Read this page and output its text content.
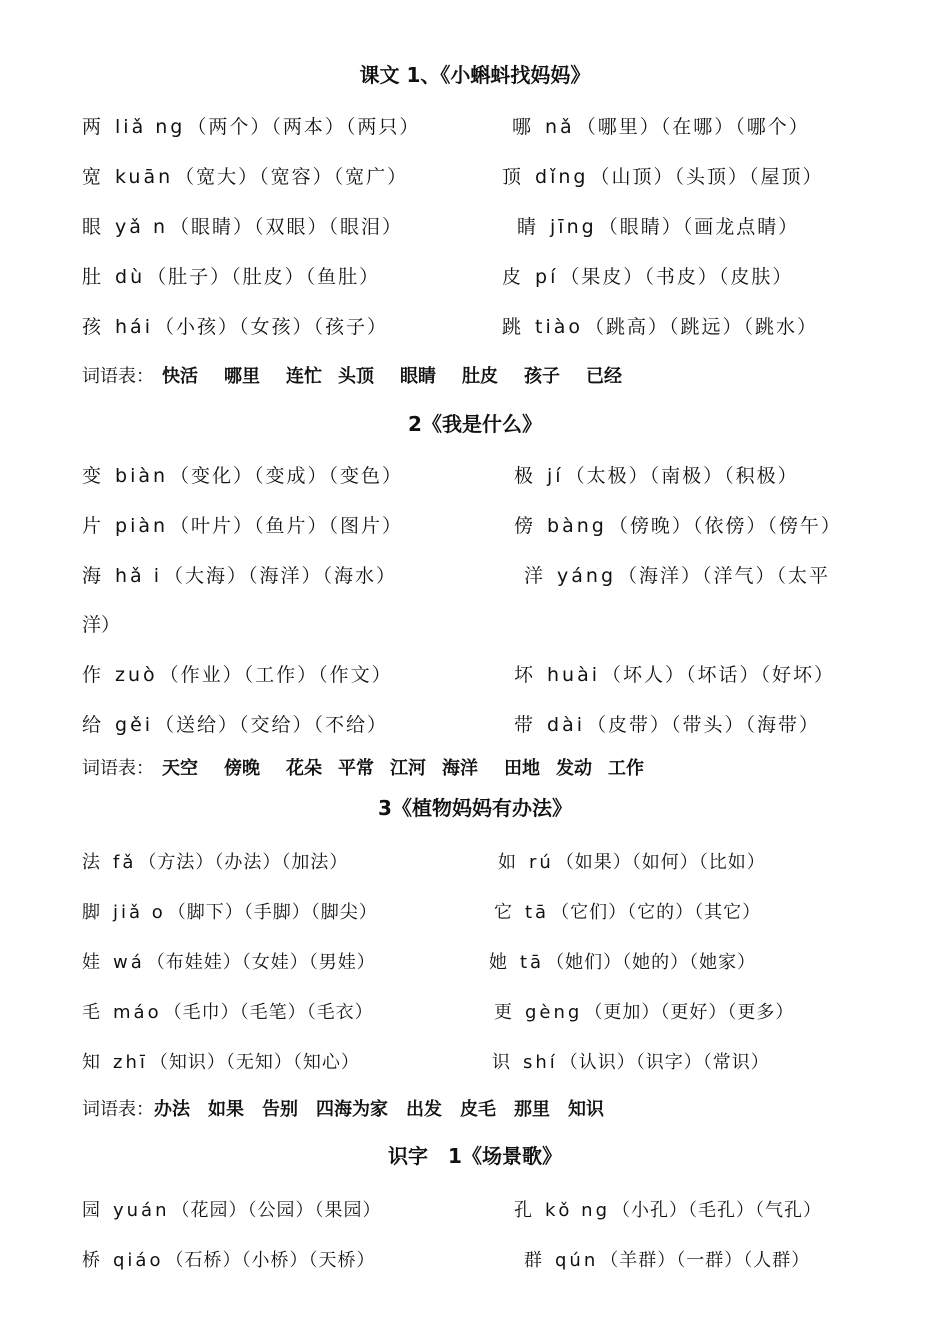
课文 1、《小蝌蚪找妈妈》
两 liǎ ng （两个）（两本）（两只）	哪 nǎ （哪里）（在哪）（哪个）
宽 kuān （宽大）（宽容）（宽广）	顶 dǐng （山顶）（头顶）（屋顶）
眼 yǎ n （眼睛）（双眼）（眼泪）	睛 jīng （眼睛）（画龙点睛）
肚 dù （肚子）（肚皮）（鱼肚）	皮 pí （果皮）（书皮）（皮肤）
孩 hái （小孩）（女孩）（孩子）	跳 tiào （跳高）（跳远）（跳水）
词语表： 快活 哪里 连忙 头顶 眼睛 肚皮 孩子 已经
2《我是什么》
变 biàn （变化）（变成）（变色）	极 jí （太极）（南极）（积极）
片 piàn （叶片）（鱼片）（图片）	傍 bàng （傍晚）（依傍）（傍午）
海 hǎ i （大海）（海洋）（海水）	洋 yáng （海洋）（洋气）（太平
洋）
作 zuò （作业）（工作）（作文）	坏 huài （坏人）（坏话）（好坏）
给 gěi （送给）（交给）（不给）	带 dài （皮带）（带头）（海带）
词语表： 天空 傍晚 花朵 平常 江河 海洋 田地 发动 工作
3《植物妈妈有办法》
法 fǎ （方法）（办法）（加法）	如 rú （如果）（如何）（比如）
脚 jiǎ o （脚下）（手脚）（脚尖）	它 tā （它们）（它的）（其它）
娃 wá （布娃娃）（女娃）（男娃）	她 tā （她们）（她的）（她家）
毛 máo （毛巾）（毛笔）（毛衣）	更 gèng （更加）（更好）（更多）
知 zhī （知识）（无知）（知心）	识 shí （认识）（识字）（常识）
词语表：办法 如果 告别 四海为家 出发 皮毛 那里 知识
识字　1《场景歌》
园 yuán （花园）（公园）（果园）	孔 kǒ ng （小孔）（毛孔）（气孔）
桥 qiáo （石桥）（小桥）（天桥）	群 qún （羊群）（一群）（人群）
